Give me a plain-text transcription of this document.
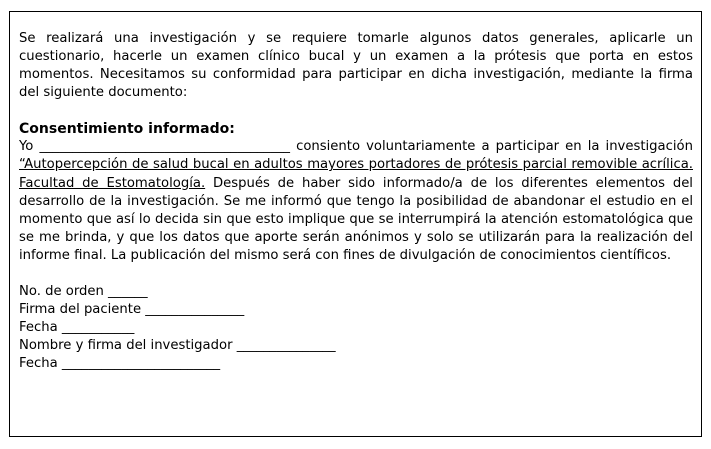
Se realizará una investigación y se requiere tomarle algunos datos generales, aplicarle un cuestionario, hacerle un examen clínico bucal y un examen a la prótesis que porta en estos momentos. Necesitamos su conformidad para participar en dicha investigación, mediante la firma del siguiente documento:

Consentimiento informado:

Yo ______________________________________ consiento voluntariamente a participar en la investigación “Autopercepción de salud bucal en adultos mayores portadores de prótesis parcial removible acrílica. Facultad de Estomatología. Después de haber sido informado/a de los diferentes elementos del desarrollo de la investigación. Se me informó que tengo la posibilidad de abandonar el estudio en el momento que así lo decida sin que esto implique que se interrumpirá la atención estomatológica que se me brinda, y que los datos que aporte serán anónimos y solo se utilizarán para la realización del informe final. La publicación del mismo será con fines de divulgación de conocimientos científicos.

No. de orden ______

Firma del paciente _______________

Fecha ___________

Nombre y firma del investigador _______________

Fecha ________________________
